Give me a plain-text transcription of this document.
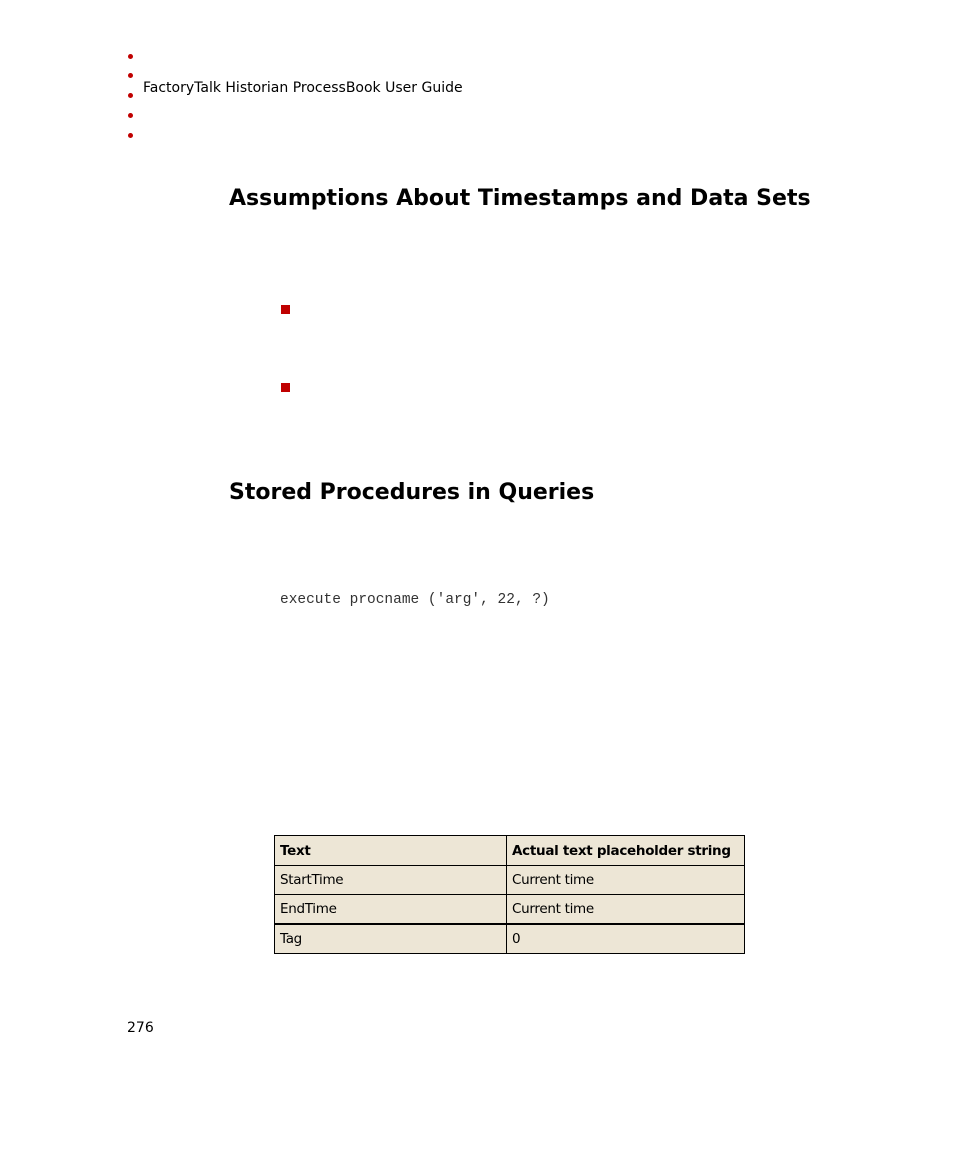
FactoryTalk Historian ProcessBook User Guide
Assumptions About Timestamps and Data Sets
Stored Procedures in Queries
execute procname ('arg', 22, ?)
Text	Actual text placeholder string
StartTime	Current time
EndTime	Current time
Tag	0
276
